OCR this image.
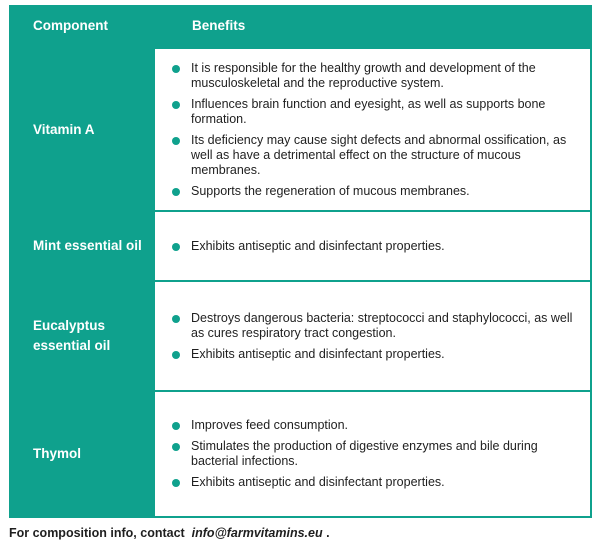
Component	Benefits
Vitamin A
It is responsible for the healthy growth and development of the musculoskeletal and the reproductive system.
Influences brain function and eyesight, as well as supports bone formation.
Its deficiency may cause sight defects and abnormal ossification, as well as have a detrimental effect on the structure of mucous membranes.
Supports the regeneration of mucous membranes.
Mint essential oil	Exhibits antiseptic and disinfectant properties.
Eucalyptus essential oil
Destroys dangerous bacteria: streptococci and staphylococci, as well as cures respiratory tract congestion.
Exhibits antiseptic and disinfectant properties.
Thymol
Improves feed consumption.
Stimulates the production of digestive enzymes and bile during bacterial infections.
Exhibits antiseptic and disinfectant properties.
For composition info, contact info@farmvitamins.eu .
